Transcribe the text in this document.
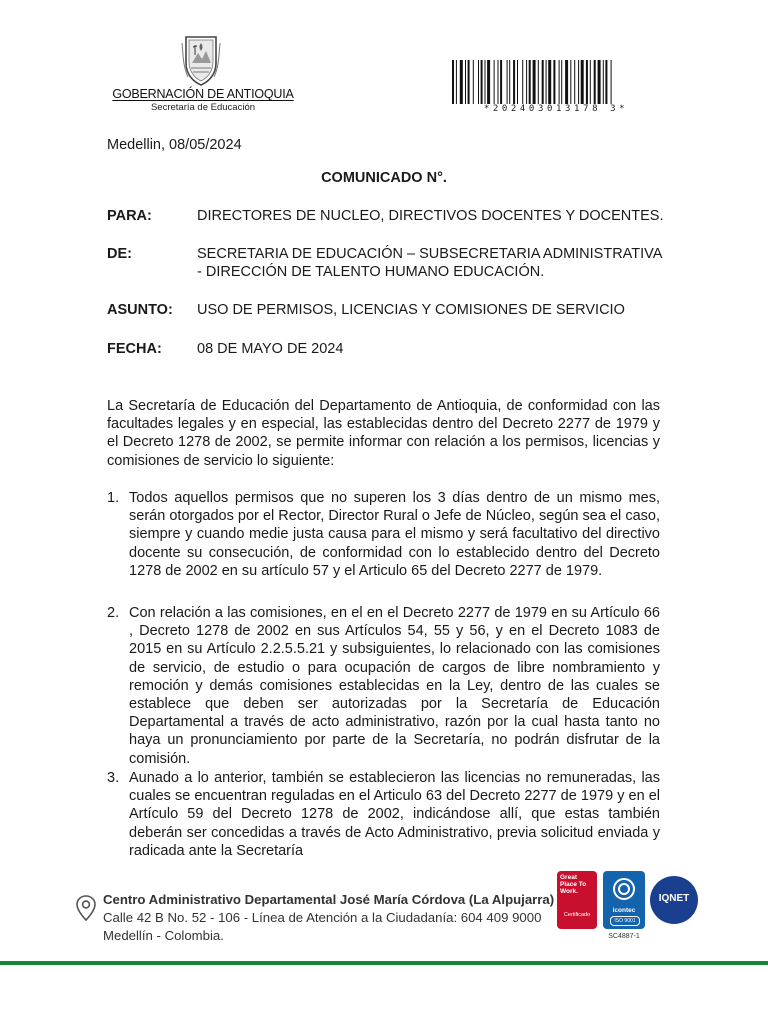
GOBERNACIÓN DE ANTIOQUIA
Secretaría de Educación	*202403013178 3*
Medellin, 08/05/2024
COMUNICADO N°.
PARA:	DIRECTORES DE NUCLEO, DIRECTIVOS DOCENTES Y DOCENTES.
DE:	SECRETARIA DE EDUCACIÓN – SUBSECRETARIA ADMINISTRATIVA - DIRECCIÓN DE TALENTO HUMANO EDUCACIÓN.
ASUNTO: USO DE PERMISOS, LICENCIAS Y COMISIONES DE SERVICIO
FECHA: 08 DE MAYO DE 2024
La Secretaría de Educación del Departamento de Antioquia, de conformidad con las facultades legales y en especial, las establecidas dentro del Decreto 2277 de 1979 y el Decreto 1278 de 2002, se permite informar con relación a los permisos, licencias y comisiones de servicio lo siguiente:
1. Todos aquellos permisos que no superen los 3 días dentro de un mismo mes, serán otorgados por el Rector, Director Rural o Jefe de Núcleo, según sea el caso, siempre y cuando medie justa causa para el mismo y será facultativo del directivo docente su consecución, de conformidad con lo establecido dentro del Decreto 1278 de 2002 en su artículo 57 y el Articulo 65 del Decreto 2277 de 1979.
2. Con relación a las comisiones, en el en el Decreto 2277 de 1979 en su Artículo 66 , Decreto 1278 de 2002 en sus Artículos 54, 55 y 56, y en el Decreto 1083 de 2015 en su Artículo 2.2.5.5.21 y subsiguientes, lo relacionado con las comisiones de servicio, de estudio o para ocupación de cargos de libre nombramiento y remoción y demás comisiones establecidas en la Ley, dentro de las cuales se establece que deben ser autorizadas por la Secretaría de Educación Departamental a través de acto administrativo, razón por la cual hasta tanto no haya un pronunciamiento por parte de la Secretaría, no podrán disfrutar de la comisión.
3. Aunado a lo anterior, también se establecieron las licencias no remuneradas, las cuales se encuentran reguladas en el Articulo 63 del Decreto 2277 de 1979 y en el Artículo 59 del Decreto 1278 de 2002, indicándose allí, que estas también deberán ser concedidas a través de Acto Administrativo, previa solicitud enviada y radicada ante la Secretaría
Centro Administrativo Departamental José María Córdova (La Alpujarra)
Calle 42 B No. 52 - 106 - Línea de Atención a la Ciudadanía: 604 409 9000
Medellín - Colombia.
Great Place To Work.
Certificado
icontec
ISO 9001
SC4887-1
IQNET
